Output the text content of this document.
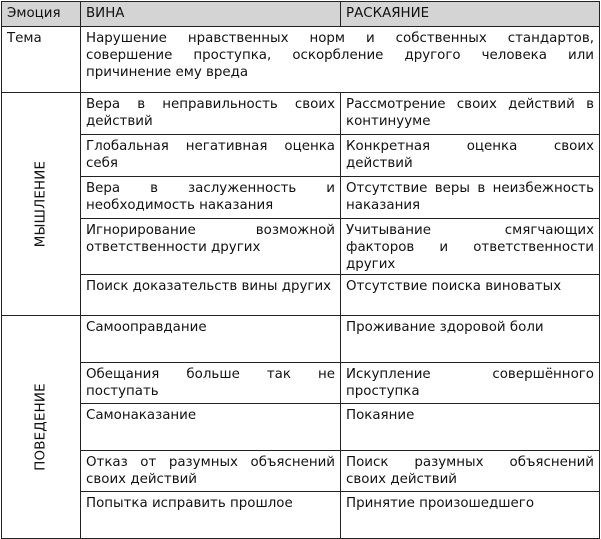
Эмоция	ВИНА	РАСКАЯНИЕ
Тема	Нарушение нравственных норм и собственных стандартов, совершение проступка, оскорбление другого человека или причинение ему вреда	

МЫШЛЕНИЕ	Вера в неправильность своих действий	Рассмотрение своих действий в континууме
	Глобальная негативная оценка себя	Конкретная оценка своих действий
	Вера в заслуженность и необходимость наказания	Отсутствие веры в неизбежность наказания
	Игнорирование возможной ответственности других	Учитывание смягчающих факторов и ответственности других
	Поиск доказательств вины других	Отсутствие поиска виноватых

ПОВЕДЕНИЕ	Самооправдание	Проживание здоровой боли
	Обещания больше так не поступать	Искупление совершённого проступка
	Самонаказание	Покаяние
	Отказ от разумных объяснений своих действий	Поиск разумных объяснений своих действий
	Попытка исправить прошлое	Принятие произошедшего
